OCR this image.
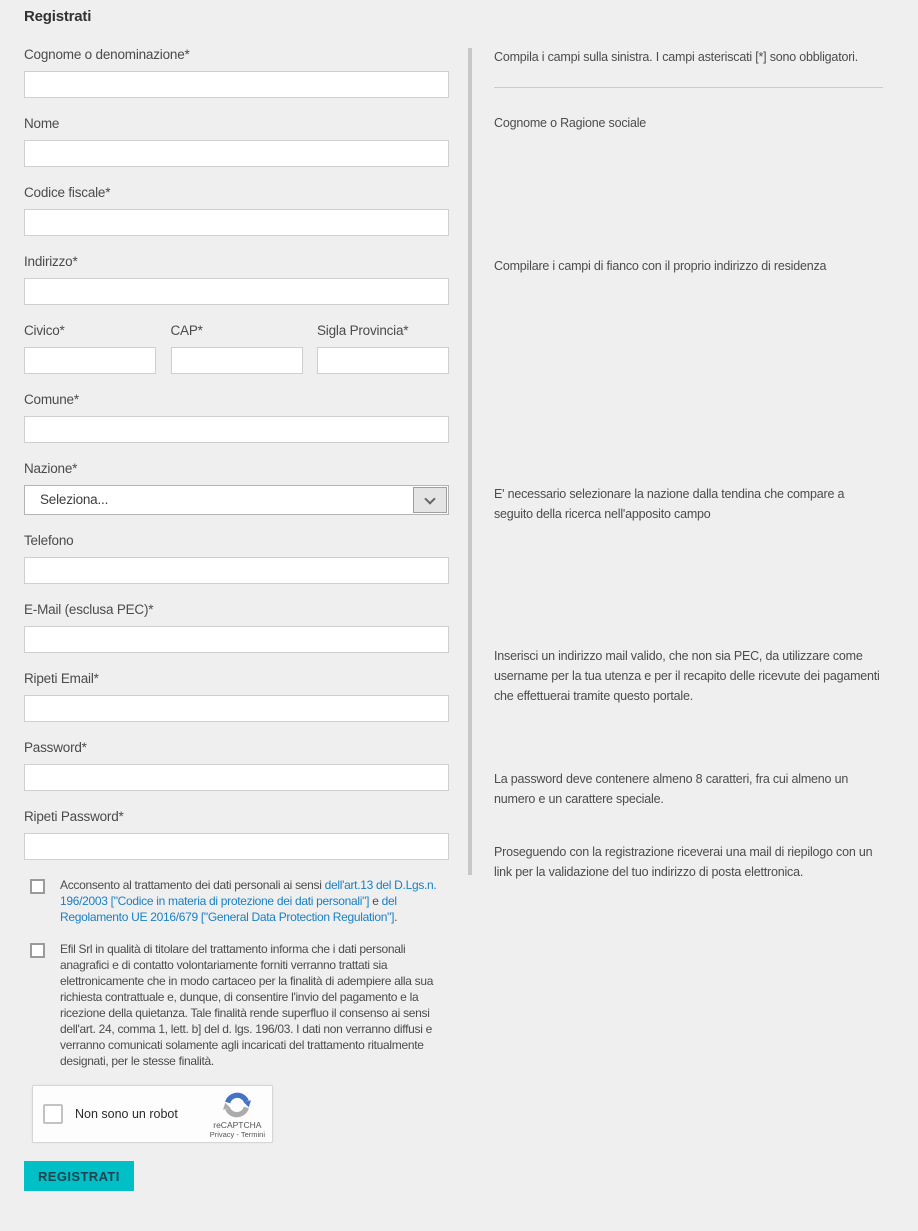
Registrati
Cognome o denominazione*
Nome
Codice fiscale*
Indirizzo*
Civico*	CAP*	Sigla Provincia*
Comune*
Nazione*
Seleziona...
Telefono
E-Mail (esclusa PEC)*
Ripeti Email*
Password*
Ripeti Password*

Acconsento al trattamento dei dati personali ai sensi dell'art.13 del D.Lgs.n. 196/2003 ["Codice in materia di protezione dei dati personali"] e del Regolamento UE 2016/679 ["General Data Protection Regulation"].

Efil Srl in qualità di titolare del trattamento informa che i dati personali anagrafici e di contatto volontariamente forniti verranno trattati sia elettronicamente che in modo cartaceo per la finalità di adempiere alla sua richiesta contrattuale e, dunque, di consentire l'invio del pagamento e la ricezione della quietanza. Tale finalità rende superfluo il consenso ai sensi dell'art. 24, comma 1, lett. b] del d. lgs. 196/03. I dati non verranno diffusi e verranno comunicati solamente agli incaricati del trattamento ritualmente designati, per le stesse finalità.

Non sono un robot
reCAPTCHA
Privacy - Termini
REGISTRATI
Compila i campi sulla sinistra. I campi asteriscati [*] sono obbligatori.
Cognome o Ragione sociale
Compilare i campi di fianco con il proprio indirizzo di residenza
E' necessario selezionare la nazione dalla tendina che compare a seguito della ricerca nell'apposito campo
Inserisci un indirizzo mail valido, che non sia PEC, da utilizzare come username per la tua utenza e per il recapito delle ricevute dei pagamenti che effettuerai tramite questo portale.
La password deve contenere almeno 8 caratteri, fra cui almeno un numero e un carattere speciale.
Proseguendo con la registrazione riceverai una mail di riepilogo con un link per la validazione del tuo indirizzo di posta elettronica.
